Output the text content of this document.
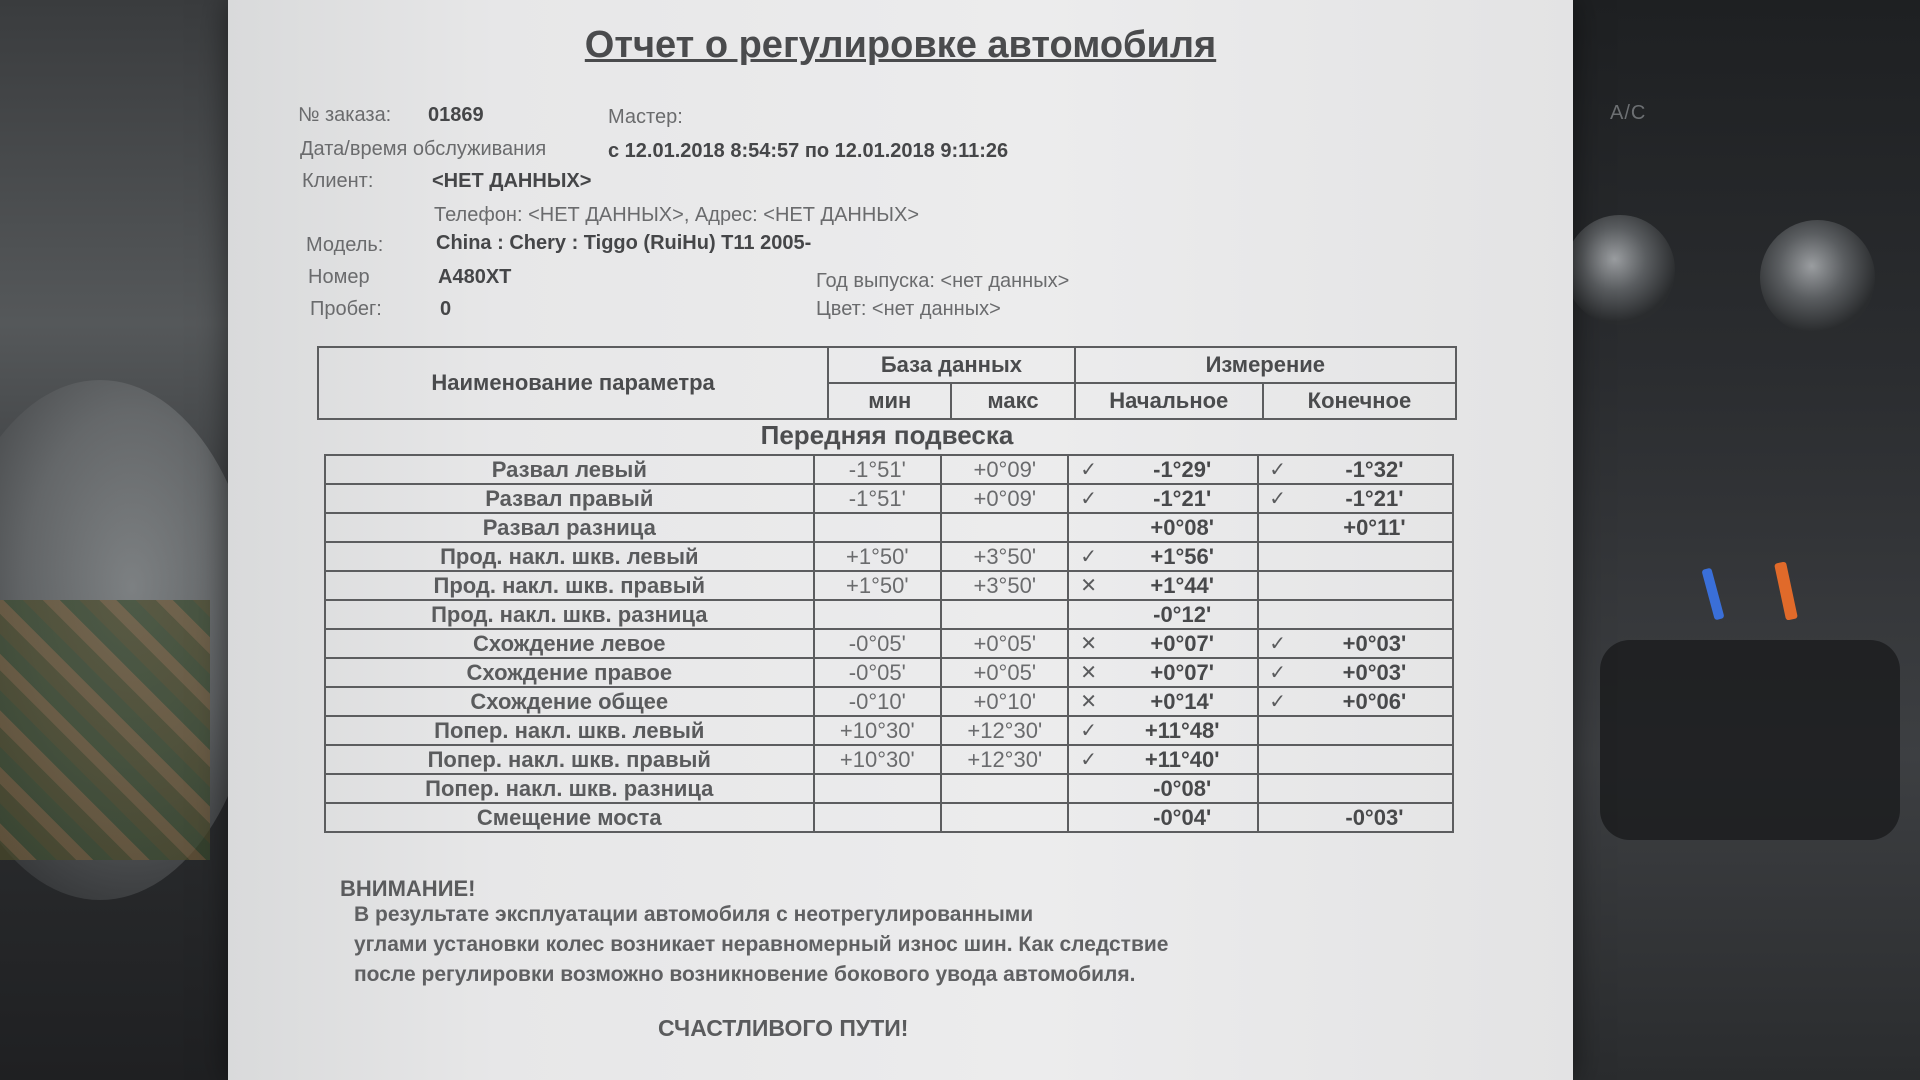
A/C
Отчет о регулировке автомобиля
№ заказа: 01869	Мастер:
Дата/время обслуживания	с 12.01.2018 8:54:57 по 12.01.2018 9:11:26
Клиент:	<НЕТ ДАННЫХ>
Телефон: <НЕТ ДАННЫХ>, Адрес: <НЕТ ДАННЫХ>
Модель:	China : Chery : Tiggo (RuiHu) T11 2005-
Номер	A480XT	Год выпуска: <нет данных>
Пробег:	0	Цвет: <нет данных>
Наименование параметра	База данных		Измерение	
	мин	макс	Начальное	Конечное
Передняя подвеска
Развал левый	-1°51'	+0°09'	✓	-1°29'	✓	-1°32'
Развал правый	-1°51'	+0°09'	✓	-1°21'	✓	-1°21'
Развал разница				+0°08'		+0°11'
Прод. накл. шкв. левый	+1°50'	+3°50'	✓	+1°56'		
Прод. накл. шкв. правый	+1°50'	+3°50'	✕	+1°44'		
Прод. накл. шкв. разница				-0°12'		
Схождение левое	-0°05'	+0°05'	✕	+0°07'	✓	+0°03'
Схождение правое	-0°05'	+0°05'	✕	+0°07'	✓	+0°03'
Схождение общее	-0°10'	+0°10'	✕	+0°14'	✓	+0°06'
Попер. накл. шкв. левый	+10°30'	+12°30'	✓	+11°48'		
Попер. накл. шкв. правый	+10°30'	+12°30'	✓	+11°40'		
Попер. накл. шкв. разница				-0°08'		
Смещение моста				-0°04'		-0°03'
ВНИМАНИЕ!
В результате эксплуатации автомобиля с неотрегулированными
углами установки колес возникает неравномерный износ шин. Как следствие
после регулировки возможно возникновение бокового увода автомобиля.
СЧАСТЛИВОГО ПУТИ!
